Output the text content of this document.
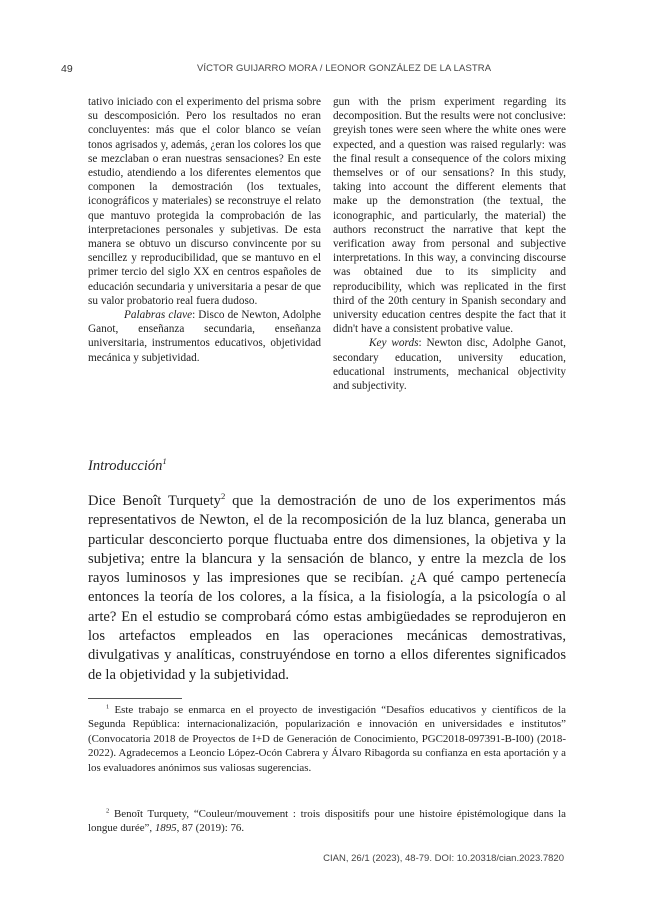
49	VÍCTOR GUIJARRO MORA / LEONOR GONZÁLEZ DE LA LASTRA

tativo iniciado con el experimento del prisma sobre su descomposición. Pero los resultados no eran concluyentes: más que el color blanco se veían tonos agrisados y, además, ¿eran los colores los que se mezclaban o eran nuestras sensaciones? En este estudio, atendiendo a los diferentes elementos que componen la demostración (los textuales, iconográficos y materiales) se reconstruye el relato que mantuvo protegida la comprobación de las interpretaciones personales y subjetivas. De esta manera se obtuvo un discurso convincente por su sencillez y reproducibilidad, que se mantuvo en el primer tercio del siglo XX en centros españoles de educación secundaria y universitaria a pesar de que su valor probatorio real fuera dudoso.

Palabras clave: Disco de Newton, Adolphe Ganot, enseñanza secundaria, enseñanza universitaria, instrumentos educativos, objetividad mecánica y subjetividad.

gun with the prism experiment regarding its decomposition. But the results were not conclusive: greyish tones were seen where the white ones were expected, and a question was raised regularly: was the final result a consequence of the colors mixing themselves or of our sensations? In this study, taking into account the different elements that make up the demonstration (the textual, the iconographic, and particularly, the material) the authors reconstruct the narrative that kept the verification away from personal and subjective interpretations. In this way, a convincing discourse was obtained due to its simplicity and reproducibility, which was replicated in the first third of the 20th century in Spanish secondary and university education centres despite the fact that it didn't have a consistent probative value.

Key words: Newton disc, Adolphe Ganot, secondary education, university education, educational instruments, mechanical objectivity and subjectivity.

Introducción$^1$

Dice Benoît Turquety$^2$ que la demostración de uno de los experimentos más representativos de Newton, el de la recomposición de la luz blanca, generaba un particular desconcierto porque fluctuaba entre dos dimensiones, la objetiva y la subjetiva; entre la blancura y la sensación de blanco, y entre la mezcla de los rayos luminosos y las impresiones que se recibían. ¿A qué campo pertenecía entonces la teoría de los colores, a la física, a la fisiología, a la psicología o al arte? En el estudio se comprobará cómo estas ambigüedades se reprodujeron en los artefactos empleados en las operaciones mecánicas demostrativas, divulgativas y analíticas, construyéndose en torno a ellos diferentes significados de la objetividad y la subjetividad.

$^1$ Este trabajo se enmarca en el proyecto de investigación “Desafíos educativos y científicos de la Segunda República: internacionalización, popularización e innovación en universidades e institutos” (Convocatoria 2018 de Proyectos de I+D de Generación de Conocimiento, PGC2018-097391-B-I00) (2018-2022). Agradecemos a Leoncio López-Ocón Cabrera y Álvaro Ribagorda su confianza en esta aportación y a los evaluadores anónimos sus valiosas sugerencias.

$^2$ Benoît Turquety, “Couleur/mouvement : trois dispositifs pour une histoire épistémologique dans la longue durée”, 1895, 87 (2019): 76.

CIAN, 26/1 (2023), 48-79. DOI: 10.20318/cian.2023.7820
